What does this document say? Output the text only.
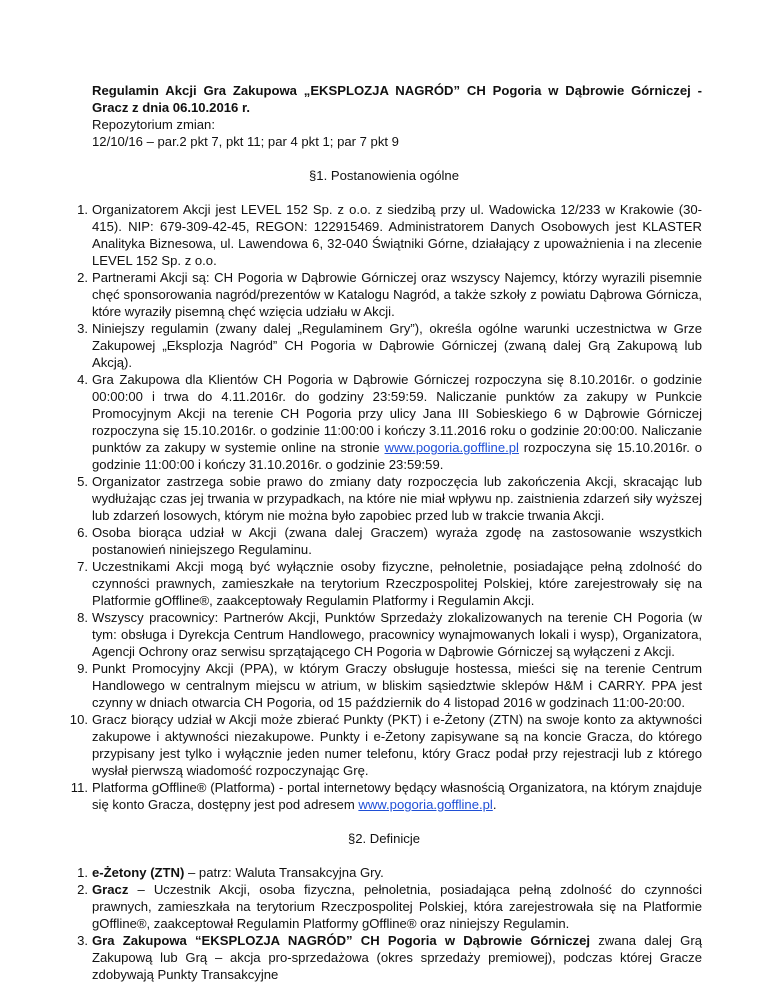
Regulamin Akcji Gra Zakupowa „EKSPLOZJA NAGRÓD” CH Pogoria w Dąbrowie Górniczej - Gracz z dnia 06.10.2016 r.

Repozytorium zmian:

12/10/16 – par.2 pkt 7, pkt 11; par 4 pkt 1; par 7 pkt 9

§1. Postanowienia ogólne
1. Organizatorem Akcji jest LEVEL 152 Sp. z o.o. z siedzibą przy ul. Wadowicka 12/233 w Krakowie (30-415). NIP: 679-309-42-45, REGON: 122915469. Administratorem Danych Osobowych jest KLASTER Analityka Biznesowa, ul. Lawendowa 6, 32-040 Świątniki Górne, działający z upoważnienia i na zlecenie LEVEL 152 Sp. z o.o.
2. Partnerami Akcji są: CH Pogoria w Dąbrowie Górniczej oraz wszyscy Najemcy, którzy wyrazili pisemnie chęć sponsorowania nagród/prezentów w Katalogu Nagród, a także szkoły z powiatu Dąbrowa Górnicza, które wyraziły pisemną chęć wzięcia udziału w Akcji.
3. Niniejszy regulamin (zwany dalej „Regulaminem Gry”), określa ogólne warunki uczestnictwa w Grze Zakupowej „Eksplozja Nagród” CH Pogoria w Dąbrowie Górniczej (zwaną dalej Grą Zakupową lub Akcją).
4. Gra Zakupowa dla Klientów CH Pogoria w Dąbrowie Górniczej rozpoczyna się 8.10.2016r. o godzinie 00:00:00 i trwa do 4.11.2016r. do godziny 23:59:59. Naliczanie punktów za zakupy w Punkcie Promocyjnym Akcji na terenie CH Pogoria przy ulicy Jana III Sobieskiego 6 w Dąbrowie Górniczej rozpoczyna się 15.10.2016r. o godzinie 11:00:00 i kończy 3.11.2016 roku o godzinie 20:00:00. Naliczanie punktów za zakupy w systemie online na stronie www.pogoria.goffline.pl rozpoczyna się 15.10.2016r. o godzinie 11:00:00 i kończy 31.10.2016r. o godzinie 23:59:59.
5. Organizator zastrzega sobie prawo do zmiany daty rozpoczęcia lub zakończenia Akcji, skracając lub wydłużając czas jej trwania w przypadkach, na które nie miał wpływu np. zaistnienia zdarzeń siły wyższej lub zdarzeń losowych, którym nie można było zapobiec przed lub w trakcie trwania Akcji.
6. Osoba biorąca udział w Akcji (zwana dalej Graczem) wyraża zgodę na zastosowanie wszystkich postanowień niniejszego Regulaminu.
7. Uczestnikami Akcji mogą być wyłącznie osoby fizyczne, pełnoletnie, posiadające pełną zdolność do czynności prawnych, zamieszkałe na terytorium Rzeczpospolitej Polskiej, które zarejestrowały się na Platformie gOffline®, zaakceptowały Regulamin Platformy i Regulamin Akcji.
8. Wszyscy pracownicy: Partnerów Akcji, Punktów Sprzedaży zlokalizowanych na terenie CH Pogoria (w tym: obsługa i Dyrekcja Centrum Handlowego, pracownicy wynajmowanych lokali i wysp), Organizatora, Agencji Ochrony oraz serwisu sprzątającego CH Pogoria w Dąbrowie Górniczej są wyłączeni z Akcji.
9. Punkt Promocyjny Akcji (PPA), w którym Graczy obsługuje hostessa, mieści się na terenie Centrum Handlowego w centralnym miejscu w atrium, w bliskim sąsiedztwie sklepów H&M i CARRY. PPA jest czynny w dniach otwarcia CH Pogoria, od 15 październik do 4 listopad 2016 w godzinach 11:00-20:00.
10. Gracz biorący udział w Akcji może zbierać Punkty (PKT) i e-Żetony (ZTN) na swoje konto za aktywności zakupowe i aktywności niezakupowe. Punkty i e-Żetony zapisywane są na koncie Gracza, do którego przypisany jest tylko i wyłącznie jeden numer telefonu, który Gracz podał przy rejestracji lub z którego wysłał pierwszą wiadomość rozpoczynając Grę.
11. Platforma gOffline® (Platforma) - portal internetowy będący własnością Organizatora, na którym znajduje się konto Gracza, dostępny jest pod adresem www.pogoria.goffline.pl.
§2. Definicje
1. e-Żetony (ZTN) – patrz: Waluta Transakcyjna Gry.
2. Gracz – Uczestnik Akcji, osoba fizyczna, pełnoletnia, posiadająca pełną zdolność do czynności prawnych, zamieszkała na terytorium Rzeczpospolitej Polskiej, która zarejestrowała się na Platformie gOffline®, zaakceptował Regulamin Platformy gOffline® oraz niniejszy Regulamin.
3. Gra Zakupowa “EKSPLOZJA NAGRÓD” CH Pogoria w Dąbrowie Górniczej zwana dalej Grą Zakupową lub Grą – akcja pro-sprzedażowa (okres sprzedaży premiowej), podczas której Gracze zdobywają Punkty Transakcyjne
